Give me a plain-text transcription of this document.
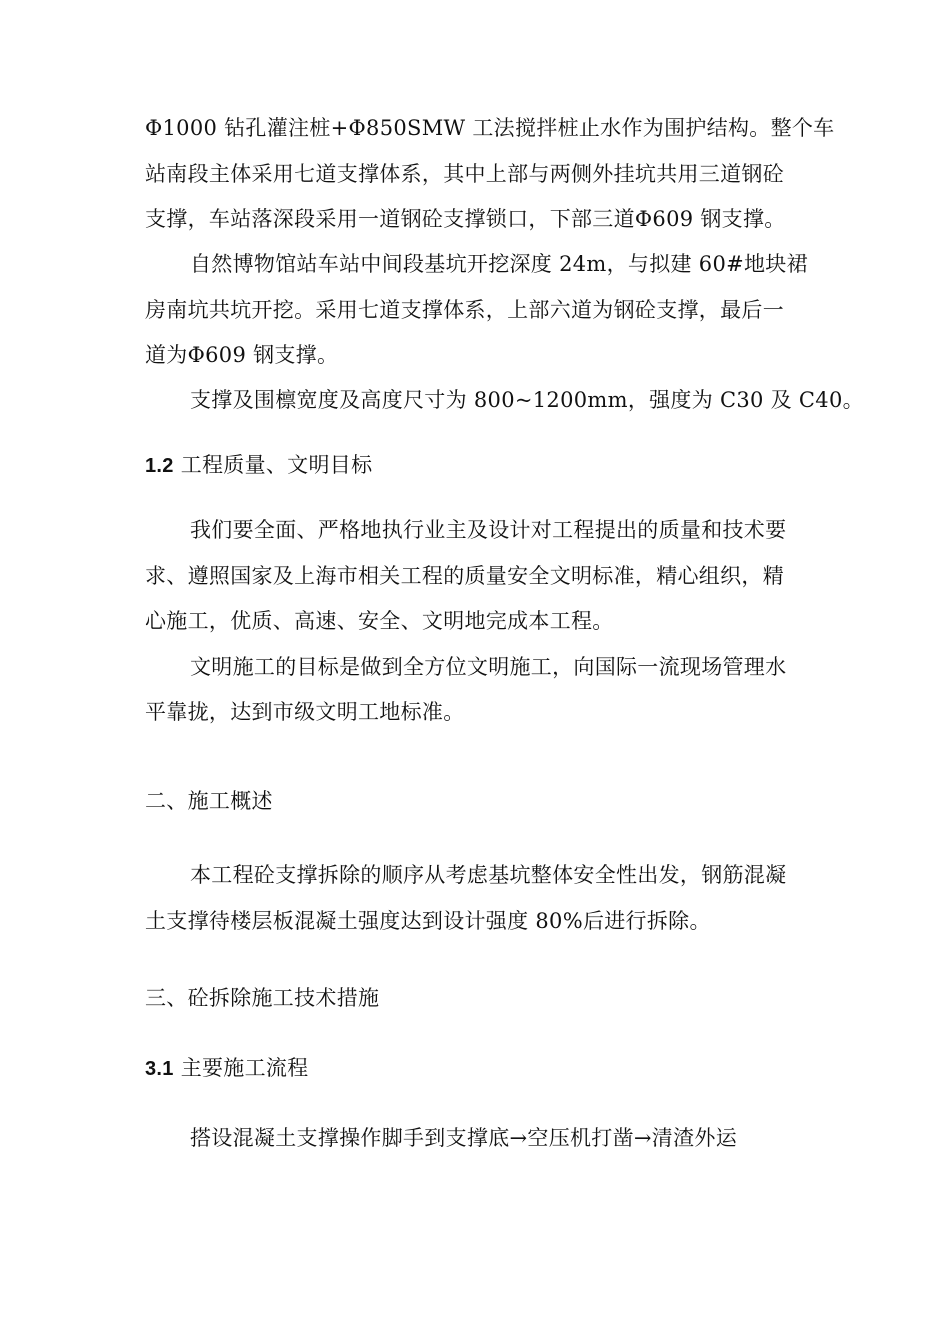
Φ1000 钻孔灌注桩+Φ850SMW 工法搅拌桩止水作为围护结构。整个车
站南段主体采用七道支撑体系，其中上部与两侧外挂坑共用三道钢砼
支撑，车站落深段采用一道钢砼支撑锁口，下部三道Φ609 钢支撑。
自然博物馆站车站中间段基坑开挖深度 24m，与拟建 60#地块裙
房南坑共坑开挖。采用七道支撑体系，上部六道为钢砼支撑，最后一
道为Φ609 钢支撑。
支撑及围檩宽度及高度尺寸为 800~1200mm，强度为 C30 及 C40。
1.2 工程质量、文明目标
我们要全面、严格地执行业主及设计对工程提出的质量和技术要
求、遵照国家及上海市相关工程的质量安全文明标准，精心组织，精
心施工，优质、高速、安全、文明地完成本工程。
文明施工的目标是做到全方位文明施工，向国际一流现场管理水
平靠拢，达到市级文明工地标准。
二、施工概述
本工程砼支撑拆除的顺序从考虑基坑整体安全性出发，钢筋混凝
土支撑待楼层板混凝土强度达到设计强度 80%后进行拆除。
三、砼拆除施工技术措施
3.1 主要施工流程
搭设混凝土支撑操作脚手到支撑底→空压机打凿→清渣外运
